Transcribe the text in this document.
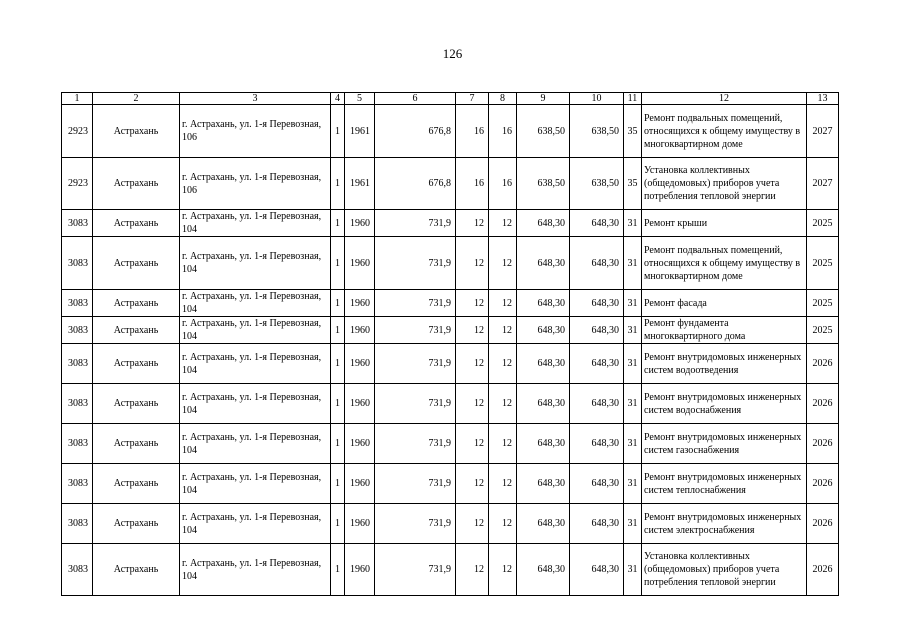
126
1	2	3	4	5	6	7	8	9	10	11	12	13
2923	Астрахань	г. Астрахань, ул. 1-я Перевозная, 106	1	1961	676,8	16	16	638,50	638,50	35	Ремонт подвальных помещений, относящихся к общему имуществу в многоквартирном доме	2027
2923	Астрахань	г. Астрахань, ул. 1-я Перевозная, 106	1	1961	676,8	16	16	638,50	638,50	35	Установка коллективных (общедомовых) приборов учета потребления тепловой энергии	2027
3083	Астрахань	г. Астрахань, ул. 1-я Перевозная, 104	1	1960	731,9	12	12	648,30	648,30	31	Ремонт крыши	2025
3083	Астрахань	г. Астрахань, ул. 1-я Перевозная, 104	1	1960	731,9	12	12	648,30	648,30	31	Ремонт подвальных помещений, относящихся к общему имуществу в многоквартирном доме	2025
3083	Астрахань	г. Астрахань, ул. 1-я Перевозная, 104	1	1960	731,9	12	12	648,30	648,30	31	Ремонт фасада	2025
3083	Астрахань	г. Астрахань, ул. 1-я Перевозная, 104	1	1960	731,9	12	12	648,30	648,30	31	Ремонт фундамента многоквартирного дома	2025
3083	Астрахань	г. Астрахань, ул. 1-я Перевозная, 104	1	1960	731,9	12	12	648,30	648,30	31	Ремонт внутридомовых инженерных систем водоотведения	2026
3083	Астрахань	г. Астрахань, ул. 1-я Перевозная, 104	1	1960	731,9	12	12	648,30	648,30	31	Ремонт внутридомовых инженерных систем водоснабжения	2026
3083	Астрахань	г. Астрахань, ул. 1-я Перевозная, 104	1	1960	731,9	12	12	648,30	648,30	31	Ремонт внутридомовых инженерных систем газоснабжения	2026
3083	Астрахань	г. Астрахань, ул. 1-я Перевозная, 104	1	1960	731,9	12	12	648,30	648,30	31	Ремонт внутридомовых инженерных систем теплоснабжения	2026
3083	Астрахань	г. Астрахань, ул. 1-я Перевозная, 104	1	1960	731,9	12	12	648,30	648,30	31	Ремонт внутридомовых инженерных систем электроснабжения	2026
3083	Астрахань	г. Астрахань, ул. 1-я Перевозная, 104	1	1960	731,9	12	12	648,30	648,30	31	Установка коллективных (общедомовых) приборов учета потребления тепловой энергии	2026
